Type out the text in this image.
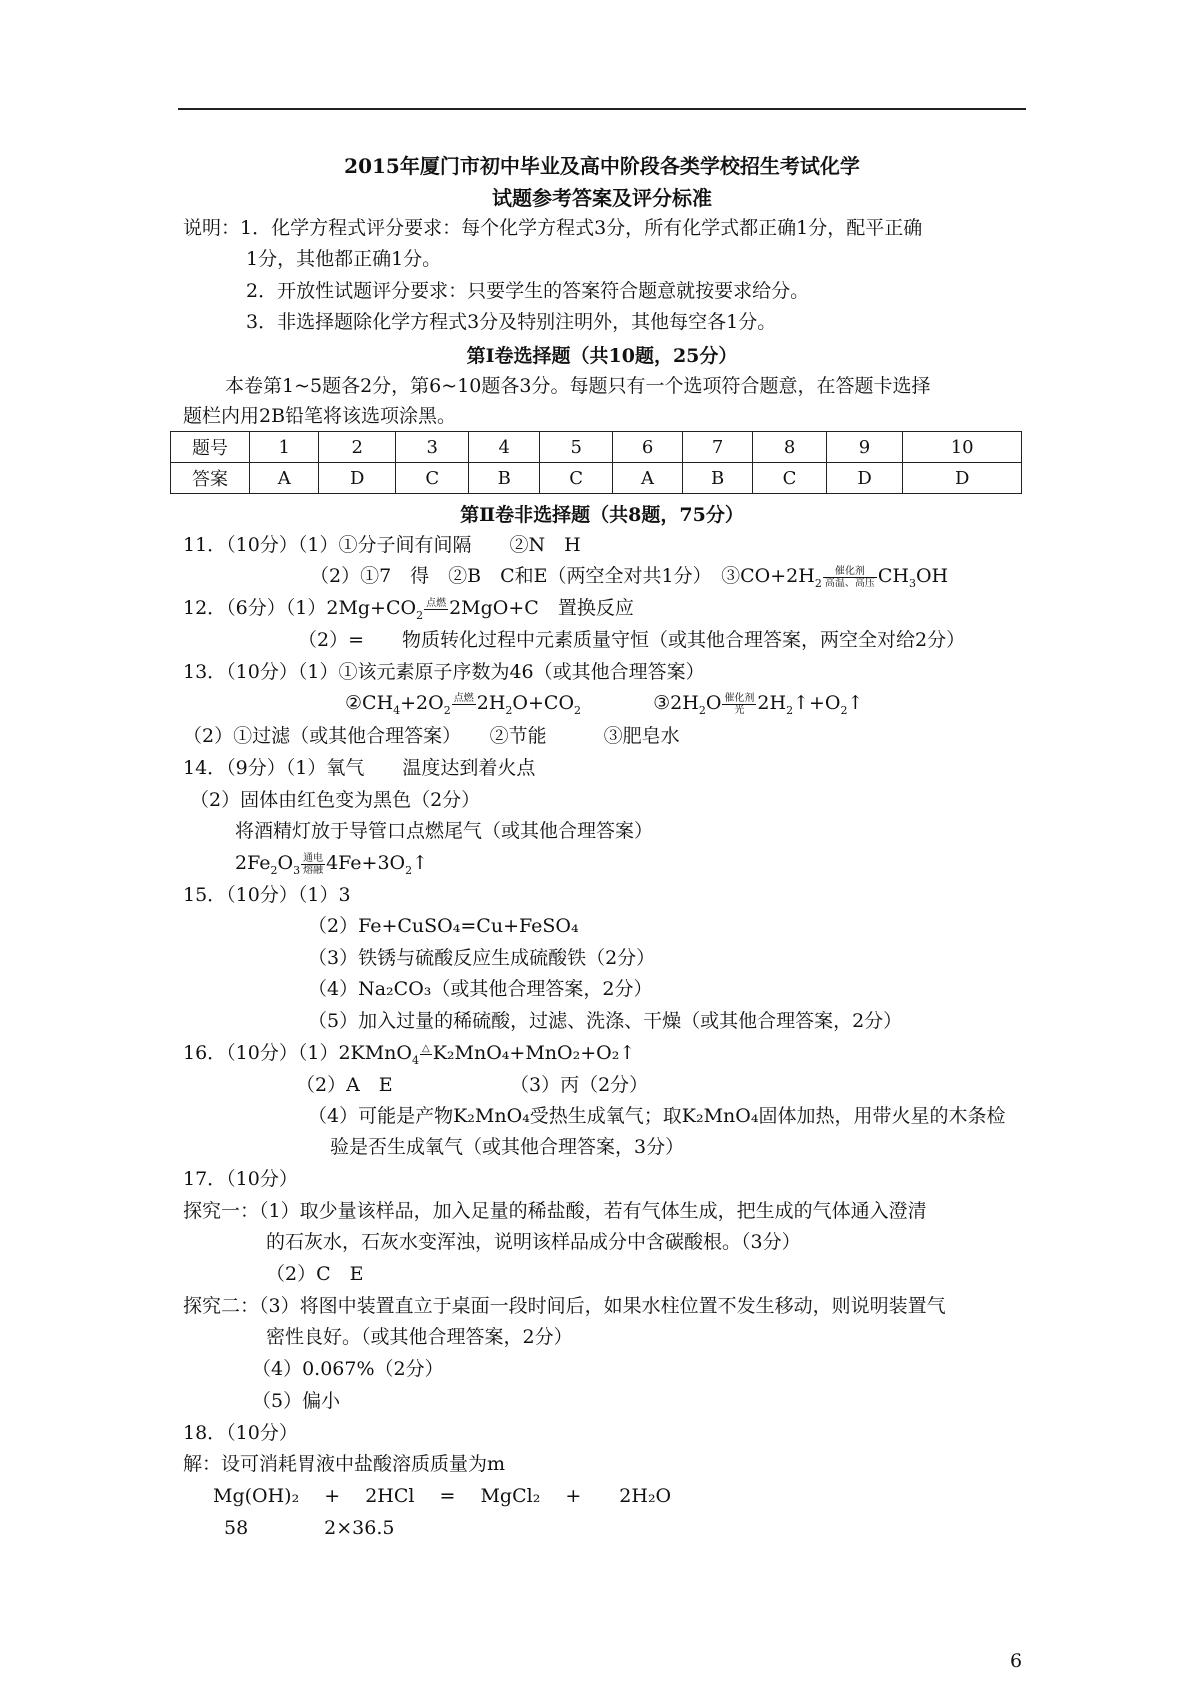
2015年厦门市初中毕业及高中阶段各类学校招生考试化学
试题参考答案及评分标准
说明：1．化学方程式评分要求：每个化学方程式3分，所有化学式都正确1分，配平正确
1分，其他都正确1分。
2．开放性试题评分要求：只要学生的答案符合题意就按要求给分。
3．非选择题除化学方程式3分及特别注明外，其他每空各1分。
第Ⅰ卷选择题（共10题，25分）
本卷第1~5题各2分，第6~10题各3分。每题只有一个选项符合题意，在答题卡选择
题栏内用2B铅笔将该选项涂黑。
题号	1	2	3	4	5	6	7	8	9	10
答案	A	D	C	B	C	A	B	C	D	D
第Ⅱ卷非选择题（共8题，75分）
11．（10分）（1）①分子间有间隔　　②N　H
（2）①7　得　②B　C和E（两空全对共1分）　$③CO+2H_2$
催化剂
高温、高压 $CH_3OH$
12．（6分）$(1)2Mg+CO_2$
点燃
2MgO+C　置换反应
（2）=　　物质转化过程中元素质量守恒（或其他合理答案，两空全对给2分）
13．（10分）（1）①该元素原子序数为46（或其他合理答案）
$②CH_4+2O_2$
点燃
$2H_2O+CO_2$	$③2H_2O$ 催化剂
光 $2H_2↑+O_2↑$
（2）①过滤（或其他合理答案）　　②节能　　　③肥皂水
14．（9分）（1）氧气　　温度达到着火点
（2）固体由红色变为黑色（2分）
将酒精灯放于导管口点燃尾气（或其他合理答案）
$2Fe_2O_3$
通电
熔融 $4Fe+3O_2↑$
15．（10分）（1）3
（2）Fe+CuSO₄=Cu+FeSO₄
（3）铁锈与硫酸反应生成硫酸铁（2分）
（4）Na₂CO₃（或其他合理答案，2分）
（5）加入过量的稀硫酸，过滤、洗涤、干燥（或其他合理答案，2分）
16．（10分）（1）2KMnO$_4$
△
K₂MnO₄+MnO₂+O₂↑
（2）A　E	（3）丙（2分）
（4）可能是产物K₂MnO₄受热生成氧气；取K₂MnO₄固体加热，用带火星的木条检
验是否生成氧气（或其他合理答案，3分）
17．（10分）
探究一：（1）取少量该样品，加入足量的稀盐酸，若有气体生成，把生成的气体通入澄清
的石灰水，石灰水变浑浊，说明该样品成分中含碳酸根。（3分）
（2）C　E
探究二：（3）将图中装置直立于桌面一段时间后，如果水柱位置不发生移动，则说明装置气
密性良好。（或其他合理答案，2分）
（4）0.067%（2分）
（5）偏小
18．（10分）
解：设可消耗胃液中盐酸溶质质量为m
Mg(OH)₂　 +　 2HCl　 =　 MgCl₂　 +　　2H₂O
58　　　　2×36.5
6
